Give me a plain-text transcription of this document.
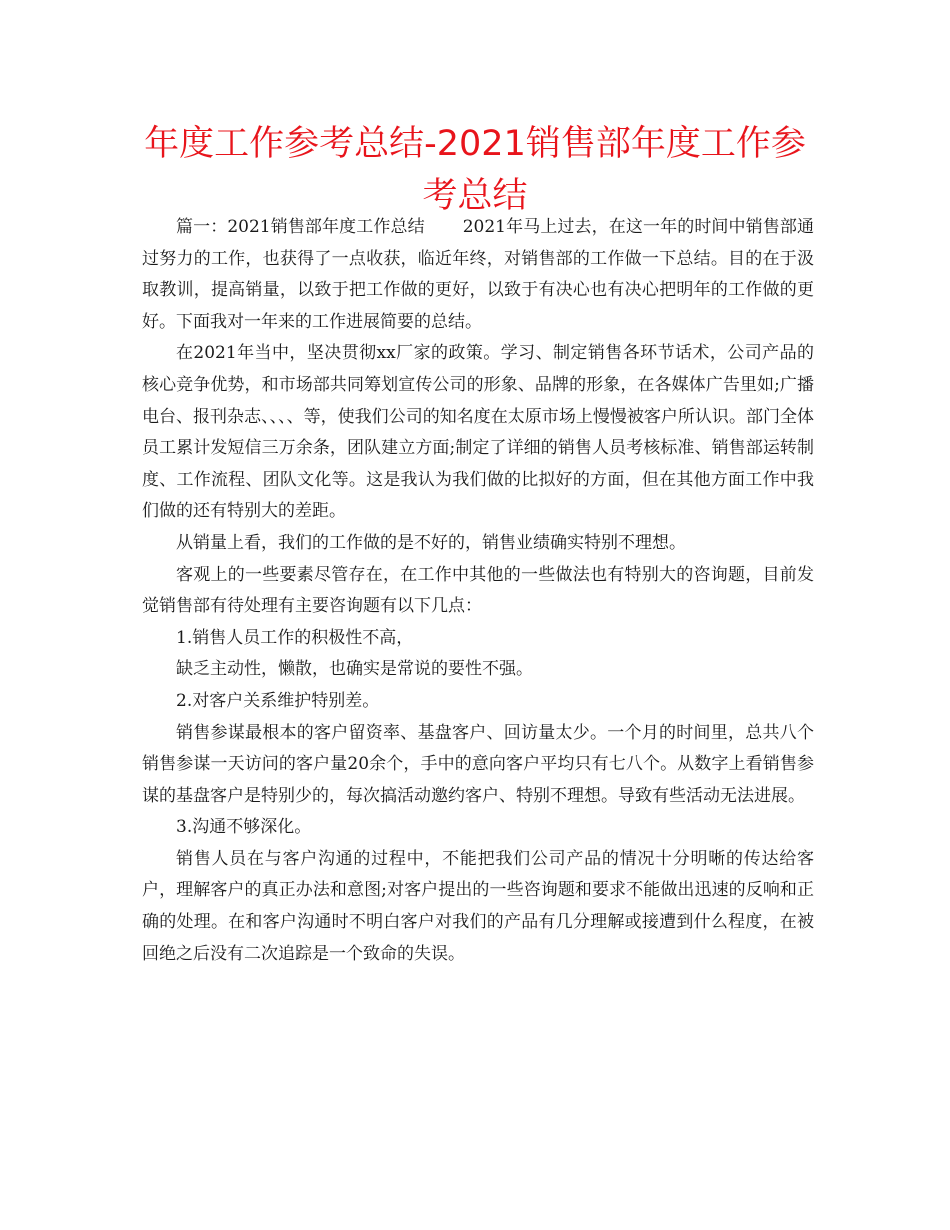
年度工作参考总结-2021销售部年度工作参考总结

篇一：2021销售部年度工作总结 2021年马上过去，在这一年的时间中销售部通过努力的工作，也获得了一点收获，临近年终，对销售部的工作做一下总结。目的在于汲取教训，提高销量，以致于把工作做的更好，以致于有决心也有决心把明年的工作做的更好。下面我对一年来的工作进展简要的总结。

在2021年当中，坚决贯彻xx厂家的政策。学习、制定销售各环节话术，公司产品的核心竞争优势，和市场部共同筹划宣传公司的形象、品牌的形象，在各媒体广告里如;广播电台、报刊杂志、、、、等，使我们公司的知名度在太原市场上慢慢被客户所认识。部门全体员工累计发短信三万余条，团队建立方面;制定了详细的销售人员考核标准、销售部运转制度、工作流程、团队文化等。这是我认为我们做的比拟好的方面，但在其他方面工作中我们做的还有特别大的差距。

从销量上看，我们的工作做的是不好的，销售业绩确实特别不理想。

客观上的一些要素尽管存在，在工作中其他的一些做法也有特别大的咨询题，目前发觉销售部有待处理有主要咨询题有以下几点：

1.销售人员工作的积极性不高，

缺乏主动性，懒散，也确实是常说的要性不强。

2.对客户关系维护特别差。

销售参谋最根本的客户留资率、基盘客户、回访量太少。一个月的时间里，总共八个销售参谋一天访问的客户量20余个，手中的意向客户平均只有七八个。从数字上看销售参谋的基盘客户是特别少的，每次搞活动邀约客户、特别不理想。导致有些活动无法进展。

3.沟通不够深化。

销售人员在与客户沟通的过程中，不能把我们公司产品的情况十分明晰的传达给客户，理解客户的真正办法和意图;对客户提出的一些咨询题和要求不能做出迅速的反响和正确的处理。在和客户沟通时不明白客户对我们的产品有几分理解或接遭到什么程度，在被回绝之后没有二次追踪是一个致命的失误。
